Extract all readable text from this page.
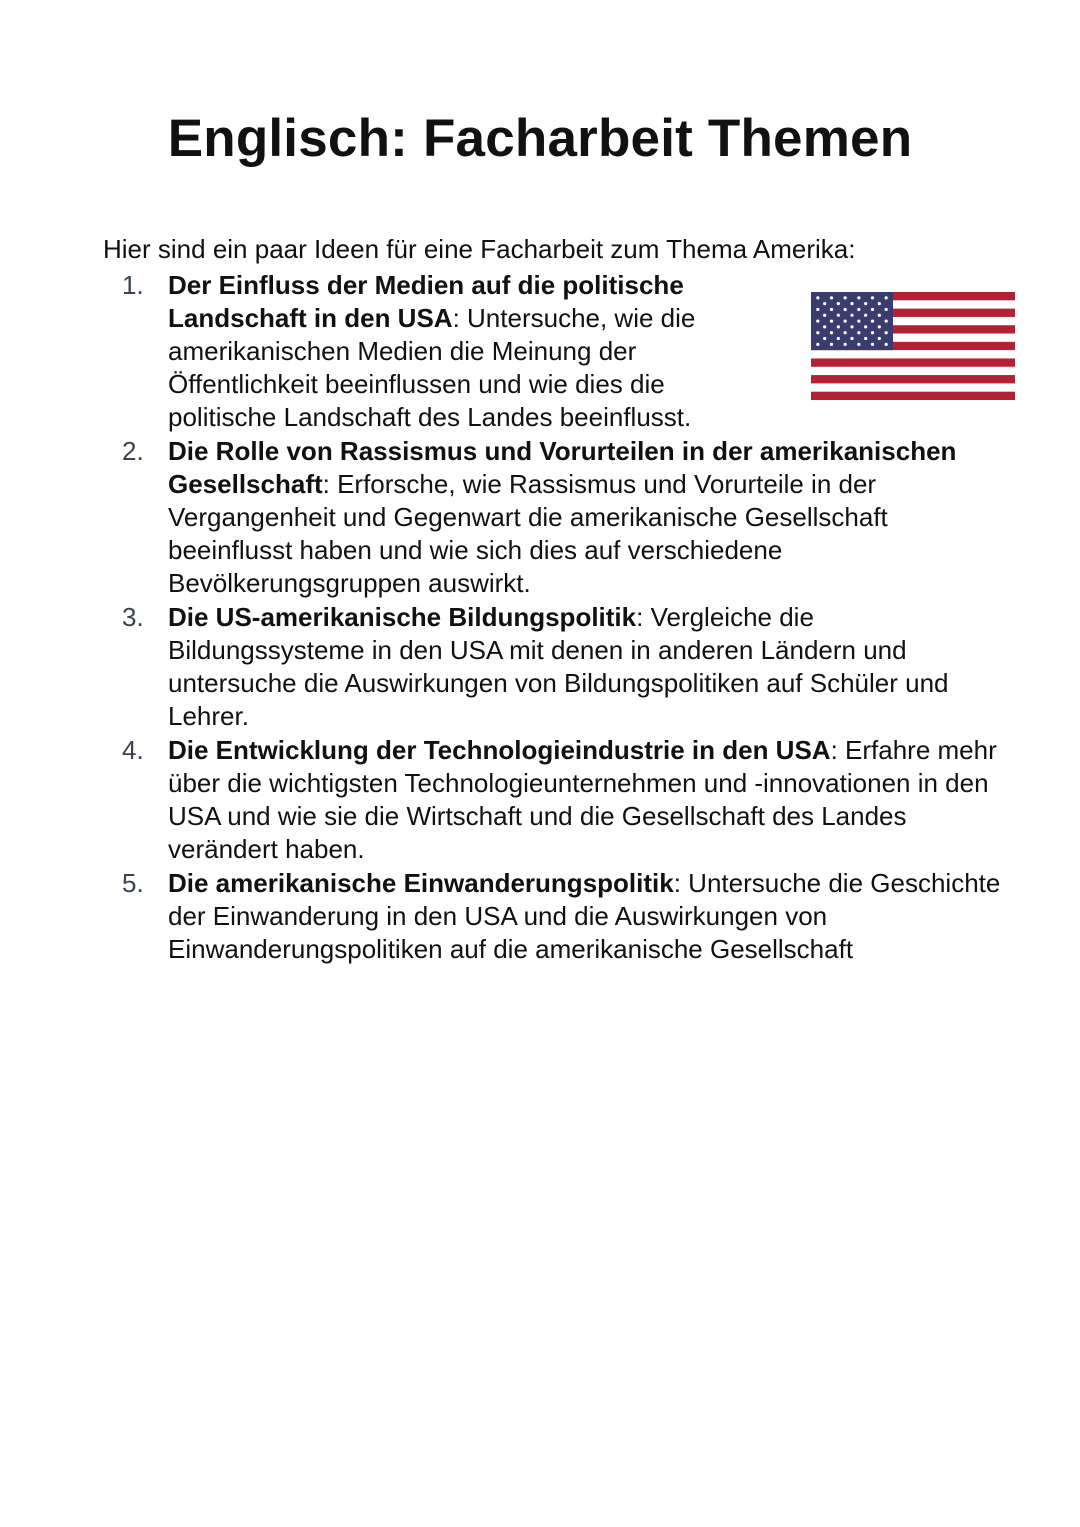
Englisch: Facharbeit Themen

Hier sind ein paar Ideen für eine Facharbeit zum Thema Amerika:

1. Der Einfluss der Medien auf die politische Landschaft in den USA: Untersuche, wie die amerikanischen Medien die Meinung der Öffentlichkeit beeinflussen und wie dies die politische Landschaft des Landes beeinflusst.
2. Die Rolle von Rassismus und Vorurteilen in der amerikanischen Gesellschaft: Erforsche, wie Rassismus und Vorurteile in der Vergangenheit und Gegenwart die amerikanische Gesellschaft beeinflusst haben und wie sich dies auf verschiedene Bevölkerungsgruppen auswirkt.
3. Die US-amerikanische Bildungspolitik: Vergleiche die Bildungssysteme in den USA mit denen in anderen Ländern und untersuche die Auswirkungen von Bildungspolitiken auf Schüler und Lehrer.
4. Die Entwicklung der Technologieindustrie in den USA: Erfahre mehr über die wichtigsten Technologieunternehmen und -innovationen in den USA und wie sie die Wirtschaft und die Gesellschaft des Landes verändert haben.
5. Die amerikanische Einwanderungspolitik: Untersuche die Geschichte der Einwanderung in den USA und die Auswirkungen von Einwanderungspolitiken auf die amerikanische Gesellschaft
